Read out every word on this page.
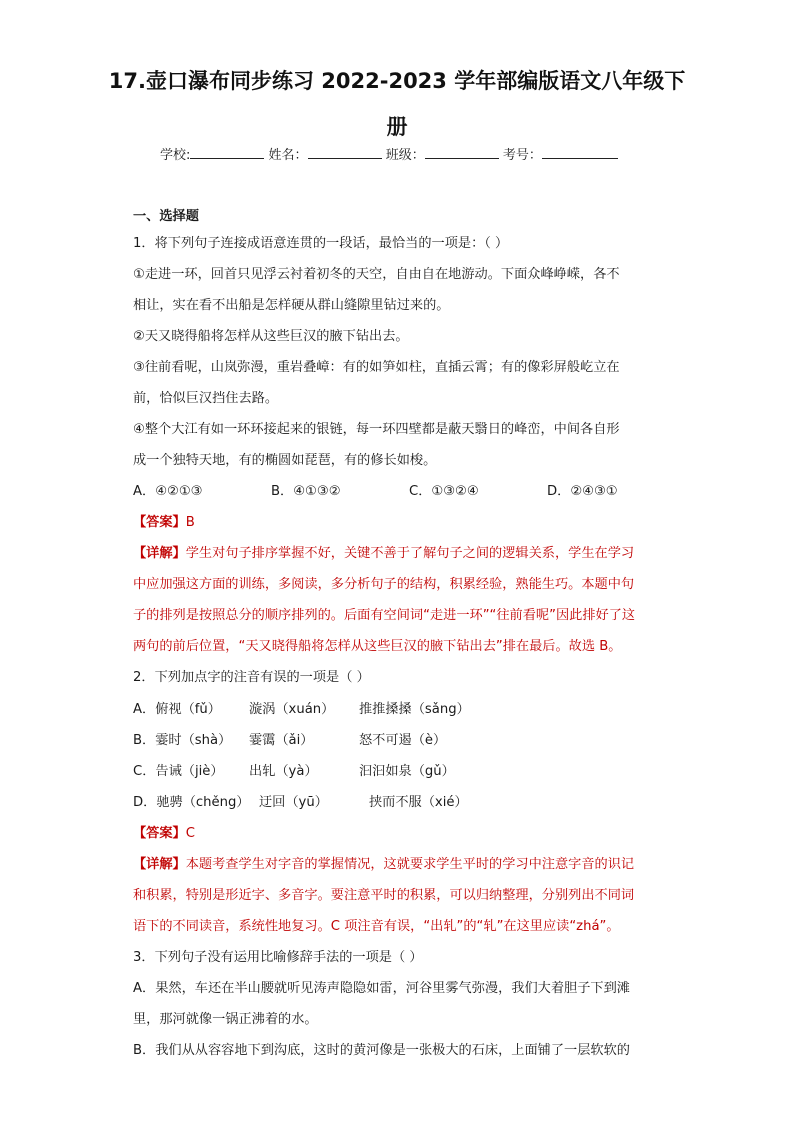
17.壶口瀑布同步练习 2022-2023 学年部编版语文八年级下
册
学校:	姓名：	班级：	考号：
一、选择题
1．将下列句子连接成语意连贯的一段话，最恰当的一项是：（ ）
①走进一环，回首只见浮云衬着初冬的天空，自由自在地游动。下面众峰峥嵘，各不
相让，实在看不出船是怎样硬从群山缝隙里钻过来的。
②天又晓得船将怎样从这些巨汉的腋下钻出去。
③往前看呢，山岚弥漫，重岩叠嶂：有的如笋如柱，直插云霄；有的像彩屏般屹立在
前，恰似巨汉挡住去路。
④整个大江有如一环环接起来的银链，每一环四壁都是蔽天翳日的峰峦，中间各自形
成一个独特天地，有的椭圆如琵琶，有的修长如梭。
A．④②①③	B．④①③②	C．①③②④	D．②④③①
【答案】B
【详解】学生对句子排序掌握不好，关键不善于了解句子之间的逻辑关系，学生在学习
中应加强这方面的训练，多阅读，多分析句子的结构，积累经验，熟能生巧。本题中句
子的排列是按照总分的顺序排列的。后面有空间词“走进一环”“往前看呢”因此排好了这
两句的前后位置，“天又晓得船将怎样从这些巨汉的腋下钻出去”排在最后。故选 B。
2．下列加点字的注音有误的一项是（ ）
A．俯视（fǔ） 漩涡（xuán） 推推搡搡（sǎng）
B．霎时（shà） 霎霭（ǎi）	怒不可遏（è）
C．告诫（jiè） 出轧（yà）	汩汩如泉（gǔ）
D．驰骋（chěng） 迂回（yū）	挟而不服（xié）
【答案】C
【详解】本题考查学生对字音的掌握情况，这就要求学生平时的学习中注意字音的识记
和积累，特别是形近字、多音字。要注意平时的积累，可以归纳整理，分别列出不同词
语下的不同读音，系统性地复习。C 项注音有误，“出轧”的“轧”在这里应读“zhá”。
3．下列句子没有运用比喻修辞手法的一项是（ ）
A．果然，车还在半山腰就听见涛声隐隐如雷，河谷里雾气弥漫，我们大着胆子下到滩
里，那河就像一锅正沸着的水。
B．我们从从容容地下到沟底，这时的黄河像是一张极大的石床，上面铺了一层软软的
